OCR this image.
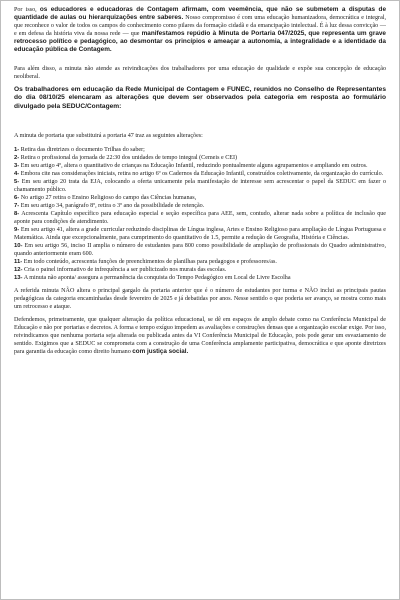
Por isso, os educadores e educadoras de Contagem afirmam, com veemência, que não se submetem a disputas de quantidade de aulas ou hierarquizações entre saberes. Nosso compromisso é com uma educação humanizadora, democrática e integral, que reconhece o valor de todos os campos do conhecimento como pilares da formação cidadã e da emancipação intelectual. É à luz dessa convicção — e em defesa da história viva da nossa rede — que manifestamos repúdio à Minuta de Portaria 047/2025, que representa um grave retrocesso político e pedagógico, ao desmontar os princípios e ameaçar a autonomia, a integralidade e a identidade da educação pública de Contagem.

Para além disso, a minuta não atende as reivindicações dos trabalhadores por uma educação de qualidade e expõe sua concepção de educação neoliberal.

Os trabalhadores em educação da Rede Municipal de Contagem e FUNEC, reunidos no Conselho de Representantes do dia 08/10/25 elencaram as alterações que devem ser observados pela categoria em resposta ao formulário divulgado pela SEDUC/Contagem:

A minuta de portaria que substituirá a portaria 47 traz as seguintes alterações:

1- Retira das diretrizes o documento Trilhas do saber;
2- Retira o profissional da jornada de 22:30 dos unidades de tempo integral (Cemeis e CEI)
3- Em seu artigo 4º, altera o quantitativo de crianças na Educação Infantil, reduzindo pontualmente alguns agrupamentos e ampliando em outros.
4- Embora cite nas considerações iniciais, retira no artigo 6º os Cadernos da Educação Infantil, construídos coletivamente, da organização do currículo.
5- Em seu artigo 20 trata da EJA, colocando a oferta unicamente pela manifestação de interesse sem acrescentar o papel da SEDUC em fazer o chamamento público.
6- No artigo 27 retira o Ensino Religioso do campo das Ciências humanas,
7- Em seu artigo 34, parágrafo 8º, retira o 3º ano da possibilidade de retenção.
8- Acrescenta Capítulo específico para educação especial e seção específica para AEE, sem, contudo, alterar nada sobre a política de inclusão que aponte para condições de atendimento.
9- Em seu artigo 41, altera a grade curricular reduzindo disciplinas de Língua inglesa, Artes e Ensino Religioso para ampliação de Língua Portuguesa e Matemática. Ainda que excepcionalmente, para cumprimento do quantitativo de 1.5, permite a redução de Geografia, História e Ciências.
10- Em seu artigo 56, inciso II amplia o número de estudantes para 800 como possibilidade de ampliação de profissionais do Quadro administrativo, quando anteriormente eram 600.
11- Em todo conteúdo, acrescenta funções de preenchimentos de planilhas para pedagogos e professores/as.
12- Cria o painel informativo de infrequência a ser publicizado nos murais das escolas.
13- A minuta não aponta/ assegura a permanência da conquista do Tempo Pedagógico em Local de Livre Escolha

A referida minuta NÃO altera o principal gargalo da portaria anterior que é o número de estudantes por turma e NÃO inclui as principais pautas pedagógicas da categoria encaminhadas desde fevereiro de 2025 e já debatidas por anos. Nesse sentido o que poderia ser avanço, se mostra como mais um retrocesso e ataque.

Defendemos, primeiramente, que qualquer alteração da política educacional, se dê em espaços de amplo debate como na Conferência Municipal de Educação e não por portarias e decretos. A forma e tempo exíguo impedem as avaliações e construções densas que a organização escolar exige. Por isso, reivindicamos que nenhuma portaria seja alterada ou publicada antes da VI Conferência Municipal de Educação, pois pode gerar um esvaziamento de sentido. Exigimos que a SEDUC se comprometa com a construção de uma Conferência amplamente participativa, democrática e que aponte diretrizes para garantia da educação como direito humano com justiça social.
